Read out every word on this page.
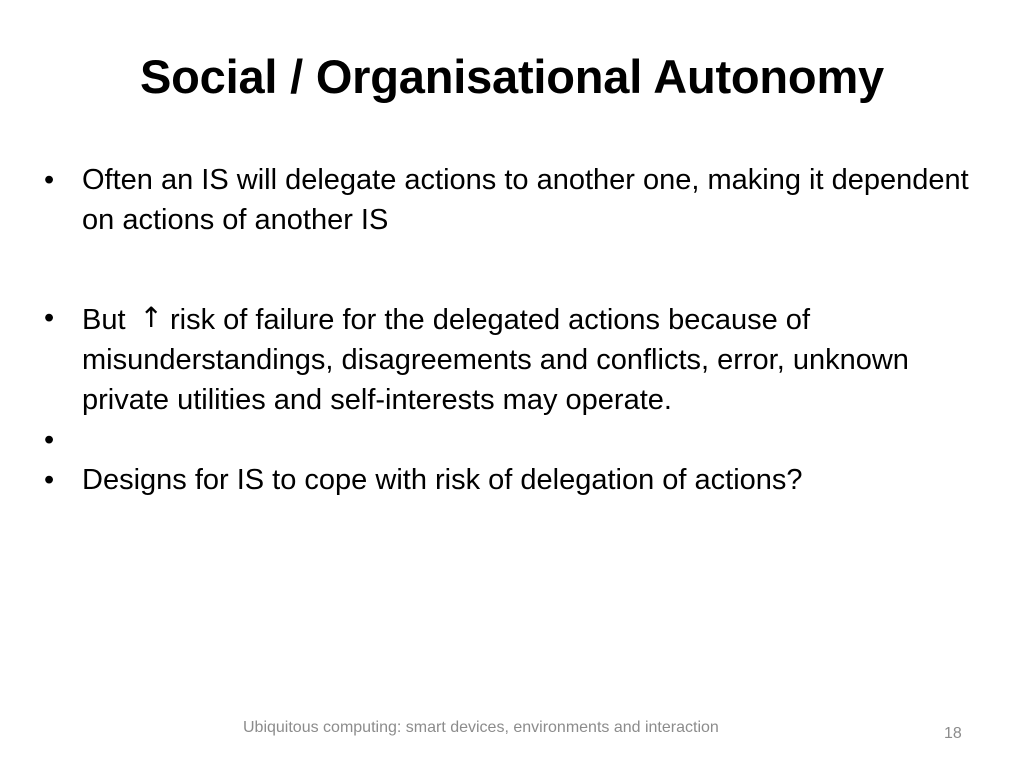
Social / Organisational Autonomy
• Often an IS will delegate actions to another one, making it dependent on actions of another IS
• But ↑ risk of failure for the delegated actions because of misunderstandings, disagreements and conflicts, error, unknown private utilities and self-interests may operate.
•

• Designs for IS to cope with risk of delegation of actions?
Ubiquitous computing: smart devices, environments and interaction	18
